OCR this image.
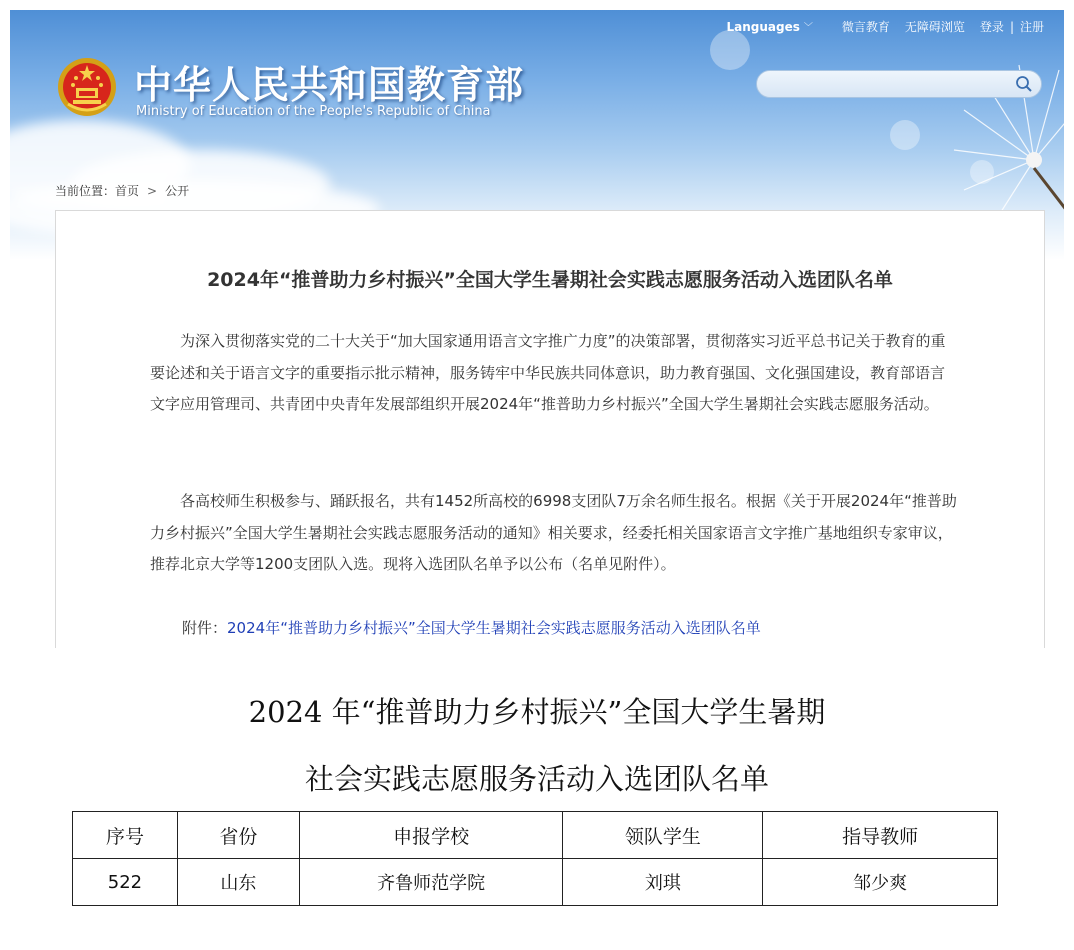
Languages ﹀ 微言教育 无障碍浏览 登录 | 注册
中华人民共和国教育部
Ministry of Education of the People's Republic of China
当前位置：首页 > 公开
2024年“推普助力乡村振兴”全国大学生暑期社会实践志愿服务活动入选团队名单

为深入贯彻落实党的二十大关于“加大国家通用语言文字推广力度”的决策部署，贯彻落实习近平总书记关于教育的重要论述和关于语言文字的重要指示批示精神，服务铸牢中华民族共同体意识，助力教育强国、文化强国建设，教育部语言文字应用管理司、共青团中央青年发展部组织开展2024年“推普助力乡村振兴”全国大学生暑期社会实践志愿服务活动。

各高校师生积极参与、踊跃报名，共有1452所高校的6998支团队7万余名师生报名。根据《关于开展2024年“推普助力乡村振兴”全国大学生暑期社会实践志愿服务活动的通知》相关要求，经委托相关国家语言文字推广基地组织专家审议，推荐北京大学等1200支团队入选。现将入选团队名单予以公布（名单见附件）。

附件：2024年“推普助力乡村振兴”全国大学生暑期社会实践志愿服务活动入选团队名单
2024 年“推普助力乡村振兴”全国大学生暑期
社会实践志愿服务活动入选团队名单
序号	省份	申报学校	领队学生	指导教师
522	山东	齐鲁师范学院	刘琪	邹少爽
